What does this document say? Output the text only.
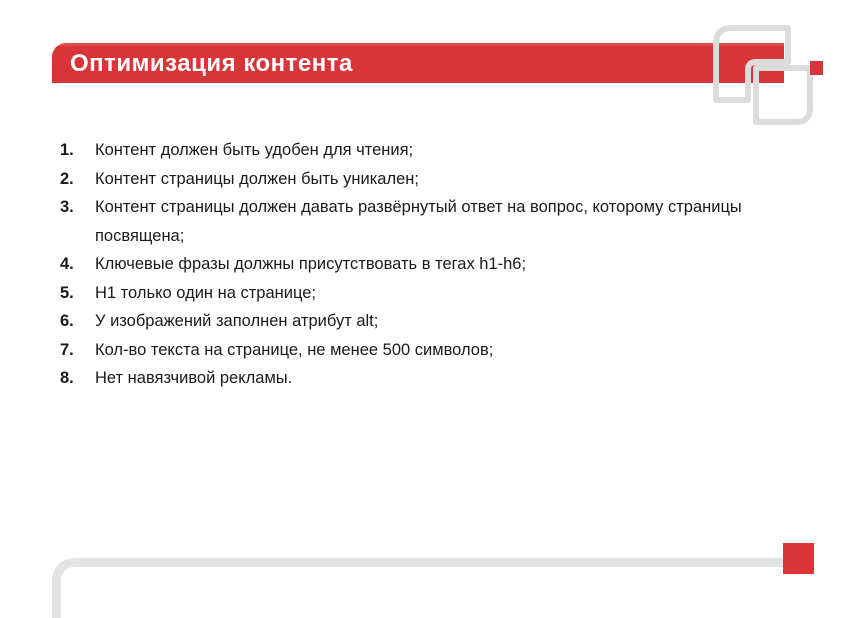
Оптимизация контента
1. Контент должен быть удобен для чтения;
2. Контент страницы должен быть уникален;
3. Контент страницы должен давать развёрнутый ответ на вопрос, которому страницы посвящена;
4. Ключевые фразы должны присутствовать в тегах h1-h6;
5. H1 только один на странице;
6. У изображений заполнен атрибут alt;
7. Кол-во текста на странице, не менее 500 символов;
8. Нет навязчивой рекламы.
